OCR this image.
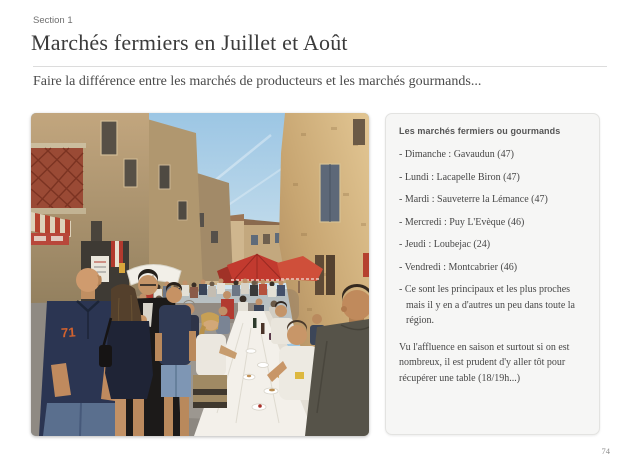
Section 1
Marchés fermiers en Juillet et Août

Faire la différence entre les marchés de producteurs et les marchés gourmands...

71
Les marchés fermiers ou gourmands
- Dimanche : Gavaudun (47)
- Lundi : Lacapelle Biron (47)
- Mardi : Sauveterre la Lémance (47)
- Mercredi : Puy L'Evèque (46)
- Jeudi : Loubejac (24)
- Vendredi : Montcabrier (46)
- Ce sont les principaux et les plus proches mais il y en a d'autres un peu dans toute la région.

Vu l'affluence en saison et surtout si on est nombreux, il est prudent d'y aller tôt pour récupérer une table (18/19h...)

74
